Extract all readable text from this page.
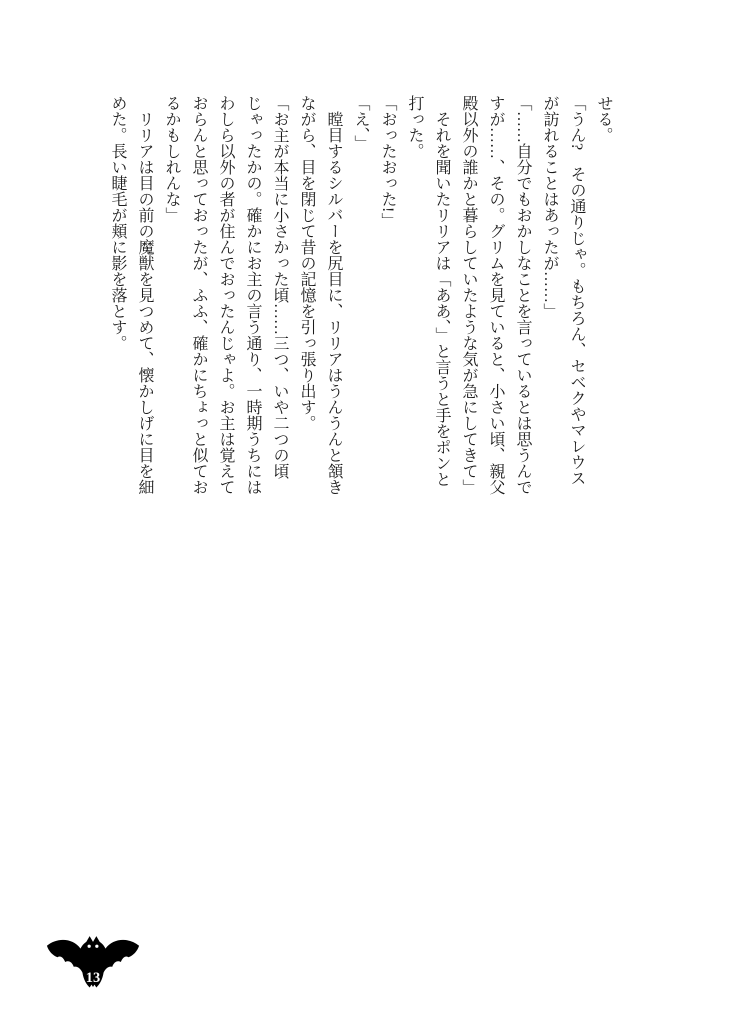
せる。

「うん?　その通りじゃ。もちろん、セベクやマレウス

が訪れることはあったが……」

「……自分でもおかしなことを言っているとは思うんで

すが……、その。グリムを見ていると、小さい頃、親父

殿以外の誰かと暮らしていたような気が急にしてきて」

　それを聞いたリリアは「ああ、」と言うと手をポンと

打った。

「おったおった!」

「え、」

　瞠目するシルバーを尻目に、リリアはうんうんと頷き

ながら、目を閉じて昔の記憶を引っ張り出す。

「お主が本当に小さかった頃……三つ、いや二つの頃

じゃったかの。確かにお主の言う通り、一時期うちには

わしら以外の者が住んでおったんじゃよ。お主は覚えて

おらんと思っておったが、ふふ、確かにちょっと似てお

るかもしれんな」

　リリアは目の前の魔獣を見つめて、懐かしげに目を細

めた。長い睫毛が頬に影を落とす。

13
